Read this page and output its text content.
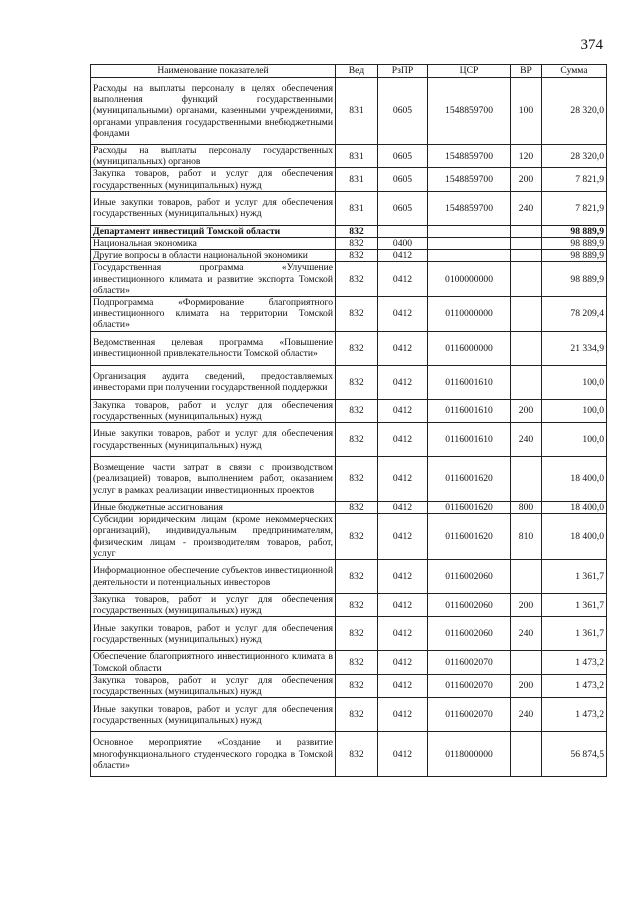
374
Наименование показателей	Вед	РзПР	ЦСР	ВР	Сумма
Расходы на выплаты персоналу в целях обеспечения выполнения функций государственными (муниципальными) органами, казенными учреждениями, органами управления государственными внебюджетными фондами	831	0605	1548859700	100	28 320,0
Расходы на выплаты персоналу государственных (муниципальных) органов	831	0605	1548859700	120	28 320,0
Закупка товаров, работ и услуг для обеспечения государственных (муниципальных) нужд	831	0605	1548859700	200	7 821,9
Иные закупки товаров, работ и услуг для обеспечения государственных (муниципальных) нужд	831	0605	1548859700	240	7 821,9
Департамент инвестиций Томской области	832				98 889,9
Национальная экономика	832	0400			98 889,9
Другие вопросы в области национальной экономики	832	0412			98 889,9
Государственная программа «Улучшение инвестиционного климата и развитие экспорта Томской области»	832	0412	0100000000		98 889,9
Подпрограмма «Формирование благоприятного инвестиционного климата на территории Томской области»	832	0412	0110000000		78 209,4
Ведомственная целевая программа «Повышение инвестиционной привлекательности Томской области»	832	0412	0116000000		21 334,9
Организация аудита сведений, предоставляемых инвесторами при получении государственной поддержки	832	0412	0116001610		100,0
Закупка товаров, работ и услуг для обеспечения государственных (муниципальных) нужд	832	0412	0116001610	200	100,0
Иные закупки товаров, работ и услуг для обеспечения государственных (муниципальных) нужд	832	0412	0116001610	240	100,0
Возмещение части затрат в связи с производством (реализацией) товаров, выполнением работ, оказанием услуг в рамках реализации инвестиционных проектов	832	0412	0116001620		18 400,0
Иные бюджетные ассигнования	832	0412	0116001620	800	18 400,0
Субсидии юридическим лицам (кроме некоммерческих организаций), индивидуальным предпринимателям, физическим лицам - производителям товаров, работ, услуг	832	0412	0116001620	810	18 400,0
Информационное обеспечение субъектов инвестиционной деятельности и потенциальных инвесторов	832	0412	0116002060		1 361,7
Закупка товаров, работ и услуг для обеспечения государственных (муниципальных) нужд	832	0412	0116002060	200	1 361,7
Иные закупки товаров, работ и услуг для обеспечения государственных (муниципальных) нужд	832	0412	0116002060	240	1 361,7
Обеспечение благоприятного инвестиционного климата в Томской области	832	0412	0116002070		1 473,2
Закупка товаров, работ и услуг для обеспечения государственных (муниципальных) нужд	832	0412	0116002070	200	1 473,2
Иные закупки товаров, работ и услуг для обеспечения государственных (муниципальных) нужд	832	0412	0116002070	240	1 473,2
Основное мероприятие «Создание и развитие многофункционального студенческого городка в Томской области»	832	0412	0118000000		56 874,5
